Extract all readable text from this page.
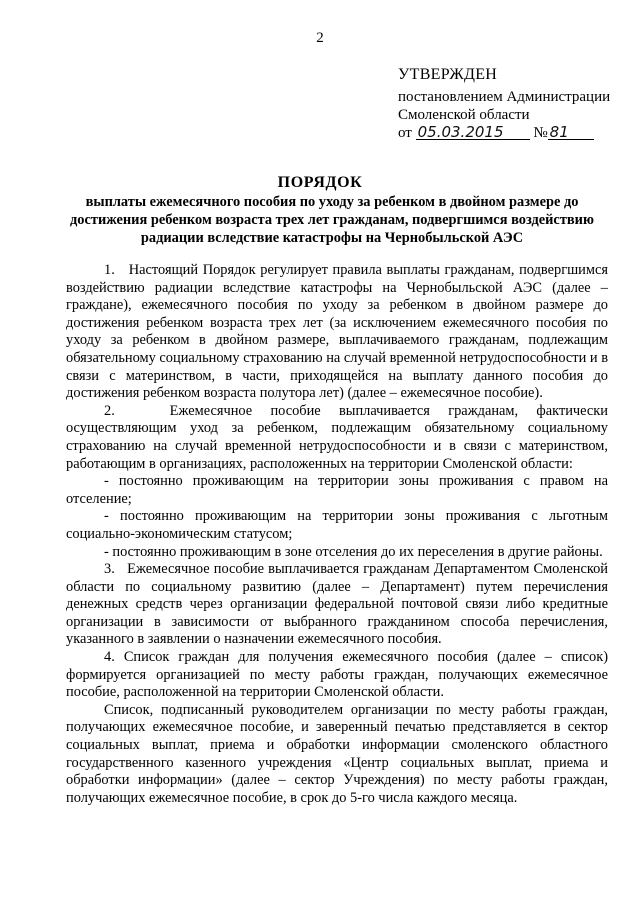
2
УТВЕРЖДЕН
постановлением Администрации
Смоленской области
от 05.03.2015 № 81
ПОРЯДОК
выплаты ежемесячного пособия по уходу за ребенком в двойном размере до достижения ребенком возраста трех лет гражданам, подвергшимся воздействию радиации вследствие катастрофы на Чернобыльской АЭС

1.   Настоящий Порядок регулирует правила выплаты гражданам, подвергшимся воздействию радиации вследствие катастрофы на Чернобыльской АЭС (далее – граждане), ежемесячного пособия по уходу за ребенком в двойном размере до достижения ребенком возраста трех лет (за исключением ежемесячного пособия по уходу за ребенком в двойном размере, выплачиваемого гражданам, подлежащим обязательному социальному страхованию на случай временной нетрудоспособности и в связи с материнством, в части, приходящейся на выплату данного пособия до достижения ребенком возраста полутора лет) (далее – ежемесячное пособие).

2.   Ежемесячное пособие выплачивается гражданам, фактически осуществляющим уход за ребенком, подлежащим обязательному социальному страхованию на случай временной нетрудоспособности и в связи с материнством, работающим в организациях, расположенных на территории Смоленской области:

- постоянно проживающим на территории зоны проживания с правом на отселение;

- постоянно проживающим на территории зоны проживания с льготным социально-экономическим статусом;

- постоянно проживающим в зоне отселения до их переселения в другие районы.

3.   Ежемесячное пособие выплачивается гражданам Департаментом Смоленской области по социальному развитию (далее – Департамент) путем перечисления денежных средств через организации федеральной почтовой связи либо кредитные организации в зависимости от выбранного гражданином способа перечисления, указанного в заявлении о назначении ежемесячного пособия.

4. Список граждан для получения ежемесячного пособия (далее – список) формируется организацией по месту работы граждан, получающих ежемесячное пособие, расположенной на территории Смоленской области.

Список, подписанный руководителем организации по месту работы граждан, получающих ежемесячное пособие, и заверенный печатью представляется в сектор социальных выплат, приема и обработки информации смоленского областного государственного казенного учреждения «Центр социальных выплат, приема и обработки информации» (далее – сектор Учреждения) по месту работы граждан, получающих ежемесячное пособие, в срок до 5-го числа каждого месяца.
